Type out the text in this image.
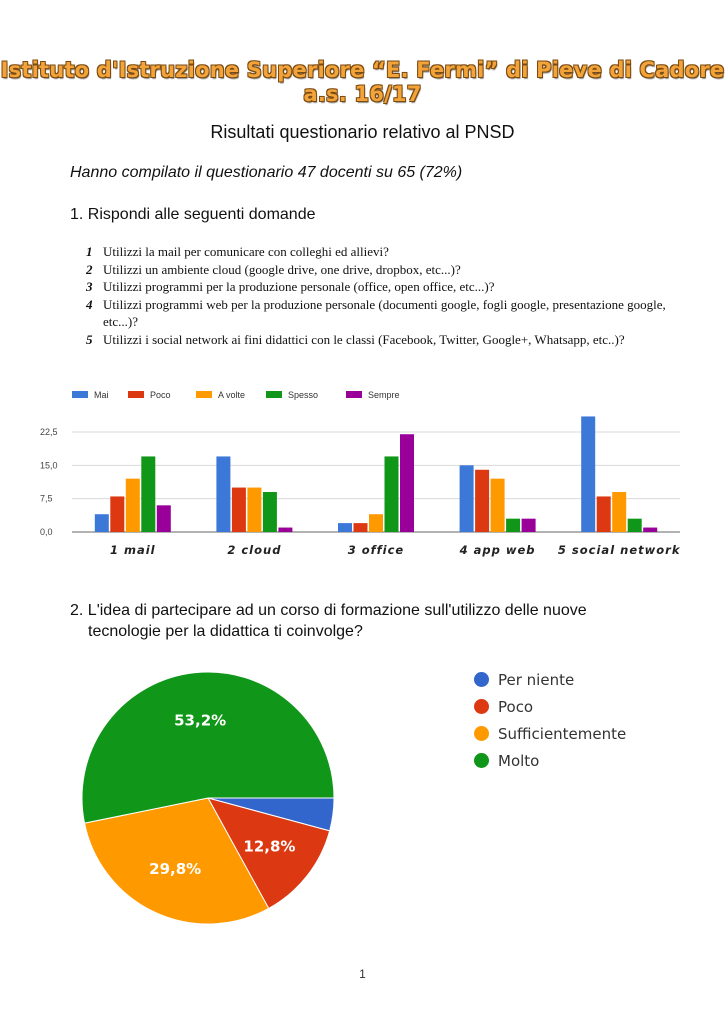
Istituto d'Istruzione Superiore “E. Fermi” di Pieve di Cadore a.s. 16/17
Risultati questionario relativo al PNSD
Hanno compilato il questionario 47 docenti su 65 (72%)
1. Rispondi alle seguenti domande
1 Utilizzi la mail per comunicare con colleghi ed allievi?
2 Utilizzi un ambiente cloud (google drive, one drive, dropbox, etc...)?
3 Utilizzi programmi per la produzione personale (office, open office, etc...)?
4 Utilizzi programmi web per la produzione personale (documenti google, fogli google, presentazione google, etc...)?
5 Utilizzi i social network ai fini didattici con le classi (Facebook, Twitter, Google+, Whatsapp, etc..)?
Mai	Poco	A volte	Spesso	Sempre
0,0
7,5
15,0
22,5
1 mail	2 cloud	3 office	4 app web 5 social network
2. L'idea di partecipare ad un corso di formazione sull'utilizzo delle nuove
tecnologie per la didattica ti coinvolge?
12,8%
29,8%
53,2%
Per niente
Poco
Sufficientemente
Molto
1
